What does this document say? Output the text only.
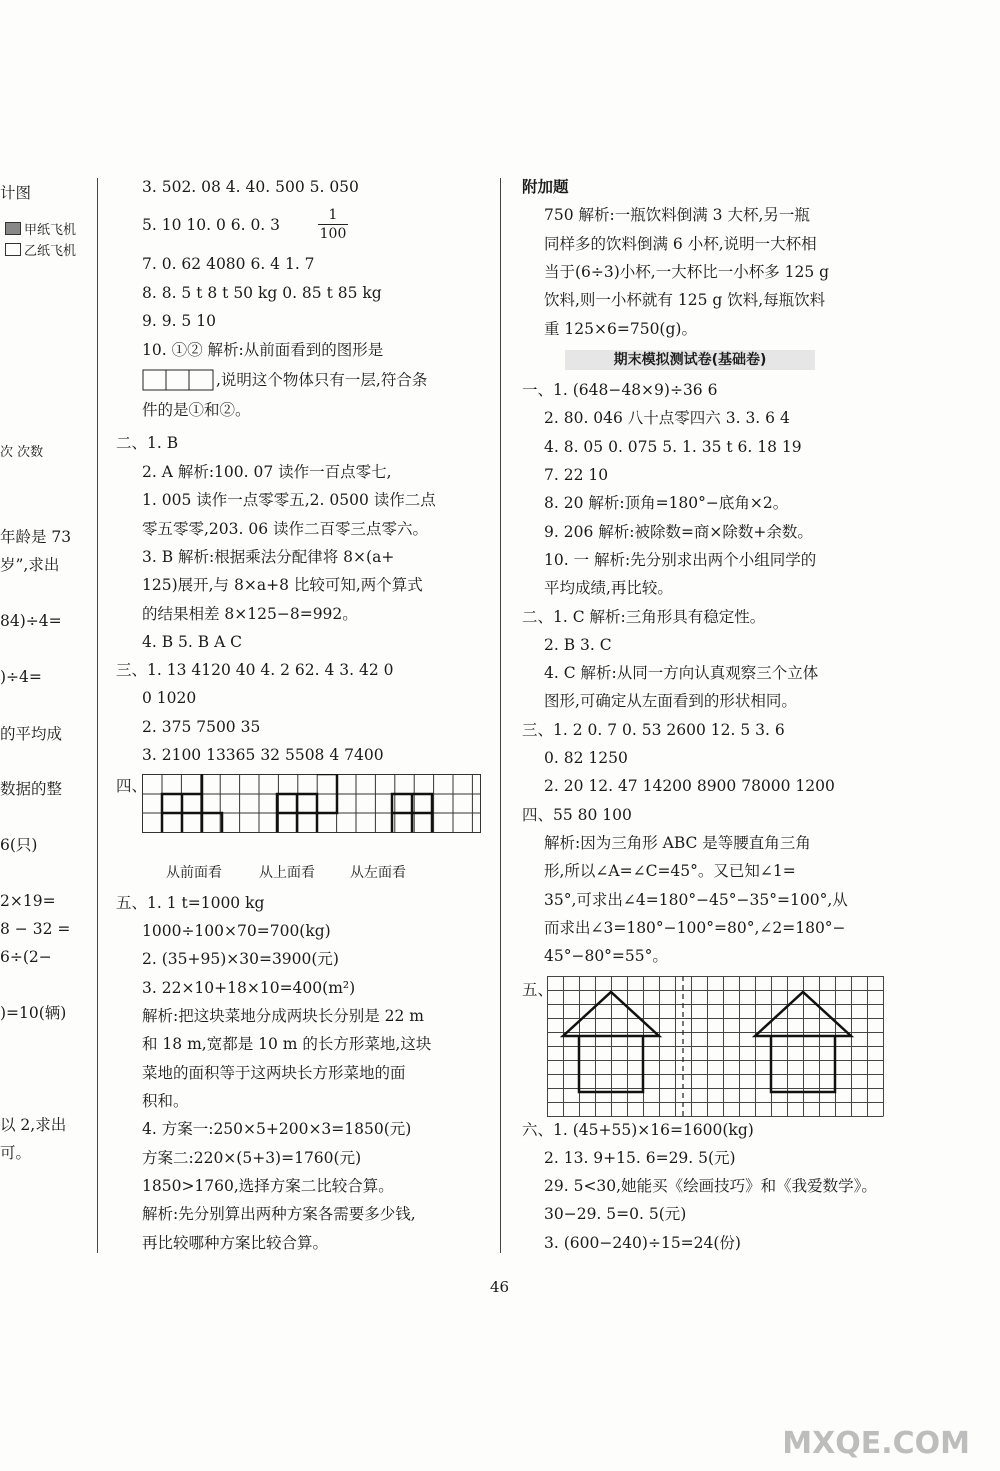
计图
甲纸飞机
乙纸飞机
次 次数
年龄是 73
岁”,求出
84)÷4=
)÷4=
的平均成
数据的整
6(只)
2×19=
8 − 32 =
6÷(2−
)=10(辆)
以 2,求出
可。
3. 502. 08 4. 40. 500 5. 050
5. 10 10. 0 6. 0. 3
1
100
7. 0. 62 4080 6. 4 1. 7
8. 8. 5 t 8 t 50 kg 0. 85 t 85 kg
9. 9. 5 10
10. ①② 解析:从前面看到的图形是
,说明这个物体只有一层,符合条
件的是①和②。
二、1. B
2. A 解析:100. 07 读作一百点零七,
1. 005 读作一点零零五,2. 0500 读作二点
零五零零,203. 06 读作二百零三点零六。
3. B 解析:根据乘法分配律将 8×(a+
125)展开,与 8×a+8 比较可知,两个算式
的结果相差 8×125−8=992。
4. B 5. B A C
三、1. 13 4120 40 4. 2 62. 4 3. 42 0
0 1020
2. 375 7500 35
3. 2100 13365 32 5508 4 7400
四、
从前面看	从上面看	从左面看
五、1. 1 t=1000 kg
1000÷100×70=700(kg)
2. (35+95)×30=3900(元)
3. 22×10+18×10=400(m²)
解析:把这块菜地分成两块长分别是 22 m
和 18 m,宽都是 10 m 的长方形菜地,这块
菜地的面积等于这两块长方形菜地的面
积和。
4. 方案一:250×5+200×3=1850(元)
方案二:220×(5+3)=1760(元)
1850>1760,选择方案二比较合算。
解析:先分别算出两种方案各需要多少钱,
再比较哪种方案比较合算。
附加题
750 解析:一瓶饮料倒满 3 大杯,另一瓶
同样多的饮料倒满 6 小杯,说明一大杯相
当于(6÷3)小杯,一大杯比一小杯多 125 g
饮料,则一小杯就有 125 g 饮料,每瓶饮料
重 125×6=750(g)。
期末模拟测试卷(基础卷)
一、1. (648−48×9)÷36 6
2. 80. 046 八十点零四六 3. 3. 6 4
4. 8. 05 0. 075 5. 1. 35 t 6. 18 19
7. 22 10
8. 20 解析:顶角=180°−底角×2。
9. 206 解析:被除数=商×除数+余数。
10. 一 解析:先分别求出两个小组同学的
平均成绩,再比较。
二、1. C 解析:三角形具有稳定性。
2. B 3. C
4. C 解析:从同一方向认真观察三个立体
图形,可确定从左面看到的形状相同。
三、1. 2 0. 7 0. 53 2600 12. 5 3. 6
0. 82 1250
2. 20 12. 47 14200 8900 78000 1200
四、55 80 100
解析:因为三角形 ABC 是等腰直角三角
形,所以∠A=∠C=45°。又已知∠1=
35°,可求出∠4=180°−45°−35°=100°,从
而求出∠3=180°−100°=80°,∠2=180°−
45°−80°=55°。
五、
六、1. (45+55)×16=1600(kg)
2. 13. 9+15. 6=29. 5(元)
29. 5<30,她能买《绘画技巧》和《我爱数学》。
30−29. 5=0. 5(元)
3. (600−240)÷15=24(份)
46
MXQE.COM
